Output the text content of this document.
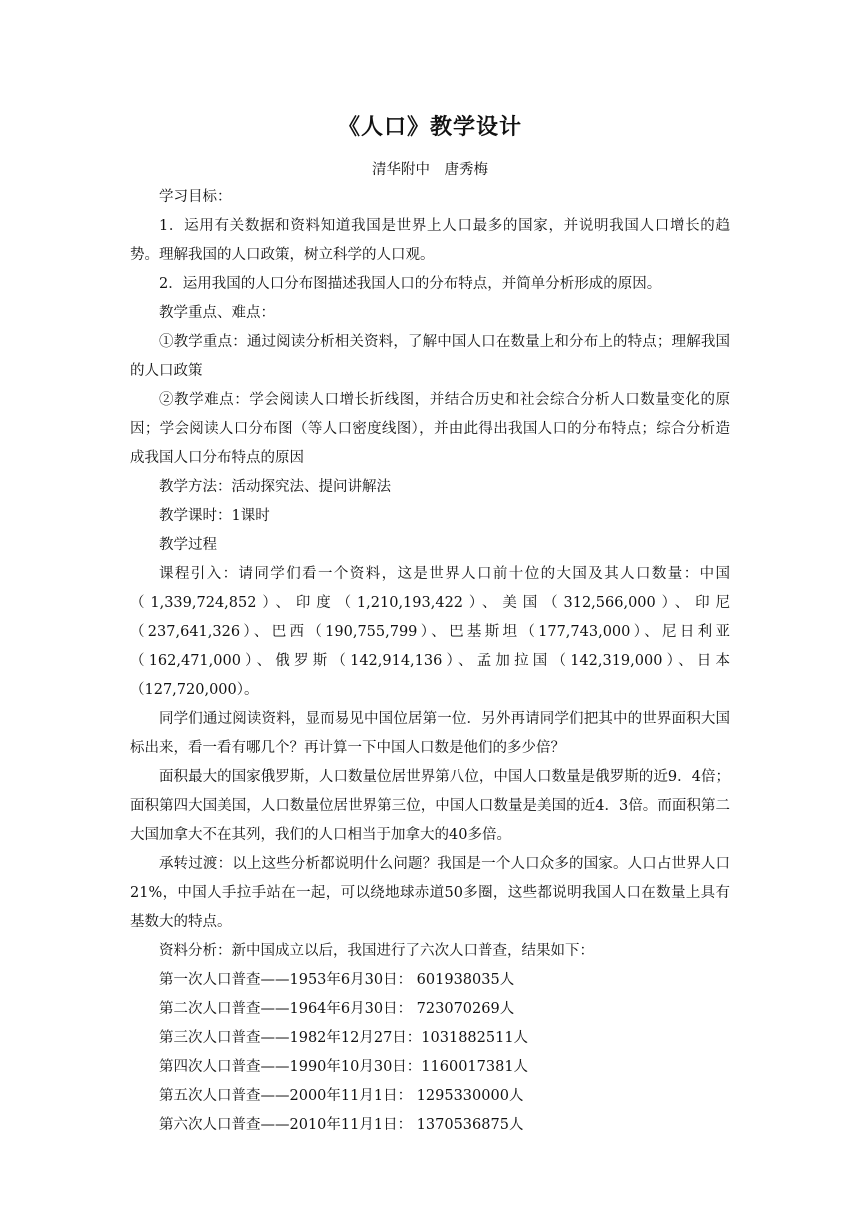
《人口》教学设计
清华附中　唐秀梅

学习目标：

1．运用有关数据和资料知道我国是世界上人口最多的国家，并说明我国人口增长的趋势。理解我国的人口政策，树立科学的人口观。

2．运用我国的人口分布图描述我国人口的分布特点，并简单分析形成的原因。

教学重点、难点：

①教学重点：通过阅读分析相关资料，了解中国人口在数量上和分布上的特点；理解我国的人口政策

②教学难点：学会阅读人口增长折线图，并结合历史和社会综合分析人口数量变化的原因；学会阅读人口分布图（等人口密度线图），并由此得出我国人口的分布特点；综合分析造成我国人口分布特点的原因

教学方法：活动探究法、提问讲解法

教学课时：1课时

教学过程

课程引入：请同学们看一个资料，这是世界人口前十位的大国及其人口数量：中国（1,339,724,852）、印度（1,210,193,422）、美国（312,566,000）、印尼（237,641,326）、巴西（190,755,799）、巴基斯坦（177,743,000）、尼日利亚（162,471,000）、俄罗斯（142,914,136）、孟加拉国（142,319,000）、日本（127,720,000）。

同学们通过阅读资料，显而易见中国位居第一位．另外再请同学们把其中的世界面积大国标出来，看一看有哪几个？再计算一下中国人口数是他们的多少倍？

面积最大的国家俄罗斯，人口数量位居世界第八位，中国人口数量是俄罗斯的近9．4倍；面积第四大国美国，人口数量位居世界第三位，中国人口数量是美国的近4．3倍。而面积第二大国加拿大不在其列，我们的人口相当于加拿大的40多倍。

承转过渡：以上这些分析都说明什么问题？我国是一个人口众多的国家。人口占世界人口21%，中国人手拉手站在一起，可以绕地球赤道50多圈，这些都说明我国人口在数量上具有基数大的特点。

资料分析：新中国成立以后，我国进行了六次人口普查，结果如下：

第一次人口普查——1953年6月30日： 601938035人

第二次人口普查——1964年6月30日： 723070269人

第三次人口普查——1982年12月27日：1031882511人

第四次人口普查——1990年10月30日：1160017381人

第五次人口普查——2000年11月1日： 1295330000人

第六次人口普查——2010年11月1日： 1370536875人
